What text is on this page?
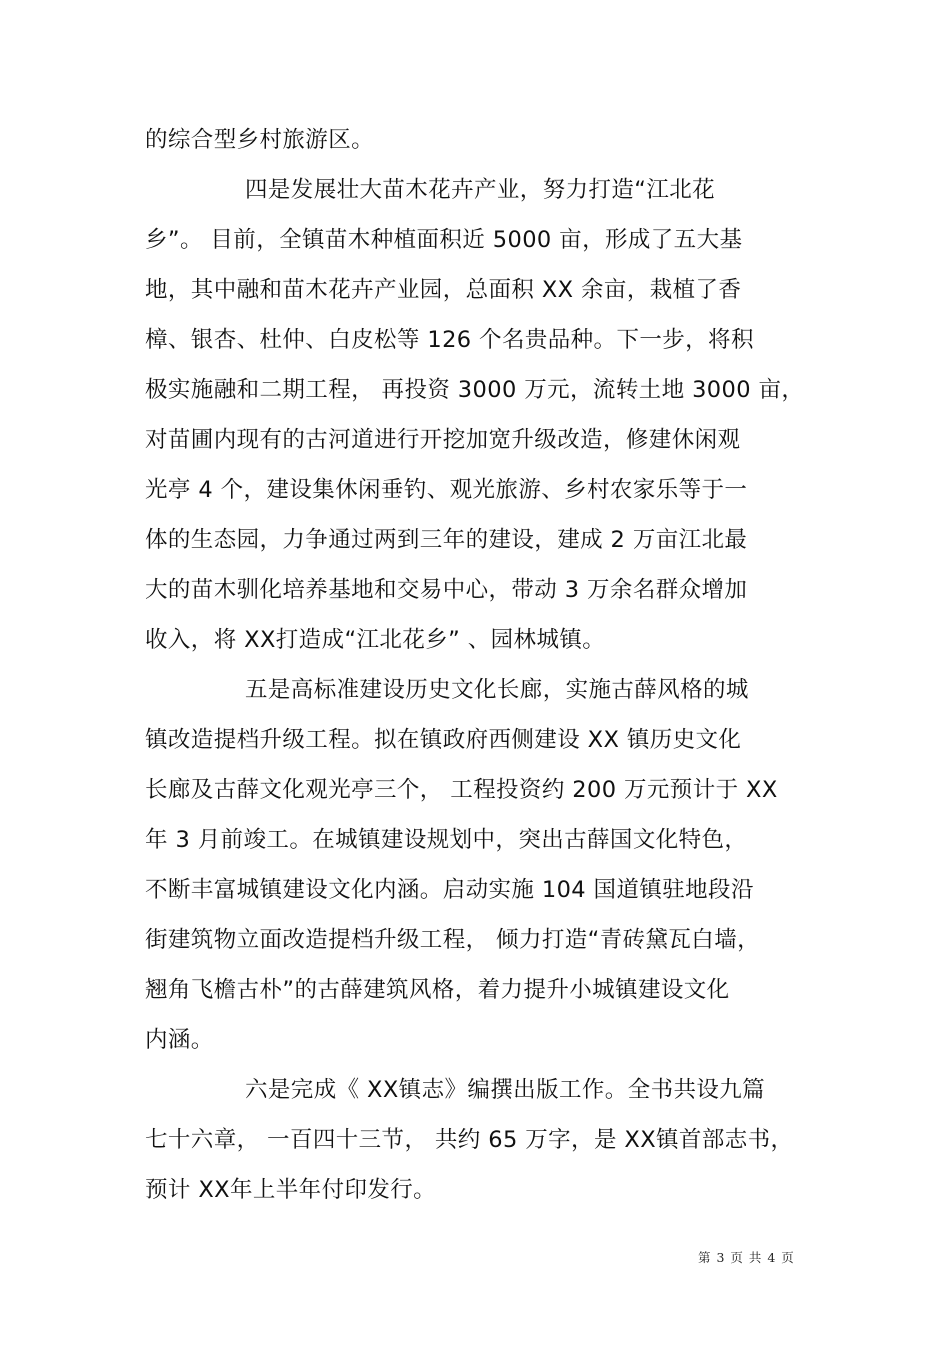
的综合型乡村旅游区。
四是发展壮大苗木花卉产业，努力打造“江北花
乡”。 目前，全镇苗木种植面积近 5000 亩，形成了五大基
地，其中融和苗木花卉产业园，总面积 XX 余亩，栽植了香
樟、银杏、杜仲、白皮松等 126 个名贵品种。下一步，将积
极实施融和二期工程， 再投资 3000 万元，流转土地 3000 亩，
对苗圃内现有的古河道进行开挖加宽升级改造，修建休闲观
光亭 4 个，建设集休闲垂钓、观光旅游、乡村农家乐等于一
体的生态园，力争通过两到三年的建设，建成 2 万亩江北最
大的苗木驯化培养基地和交易中心，带动 3 万余名群众增加
收入，将 XX打造成“江北花乡” 、园林城镇。
五是高标准建设历史文化长廊，实施古薛风格的城
镇改造提档升级工程。拟在镇政府西侧建设 XX 镇历史文化
长廊及古薛文化观光亭三个， 工程投资约 200 万元预计于 XX
年 3 月前竣工。在城镇建设规划中，突出古薛国文化特色，
不断丰富城镇建设文化内涵。启动实施 104 国道镇驻地段沿
街建筑物立面改造提档升级工程， 倾力打造“青砖黛瓦白墙，
翘角飞檐古朴”的古薛建筑风格，着力提升小城镇建设文化
内涵。
六是完成《 XX镇志》编撰出版工作。全书共设九篇
七十六章， 一百四十三节， 共约 65 万字，是 XX镇首部志书，
预计 XX年上半年付印发行。
第 3 页 共 4 页
